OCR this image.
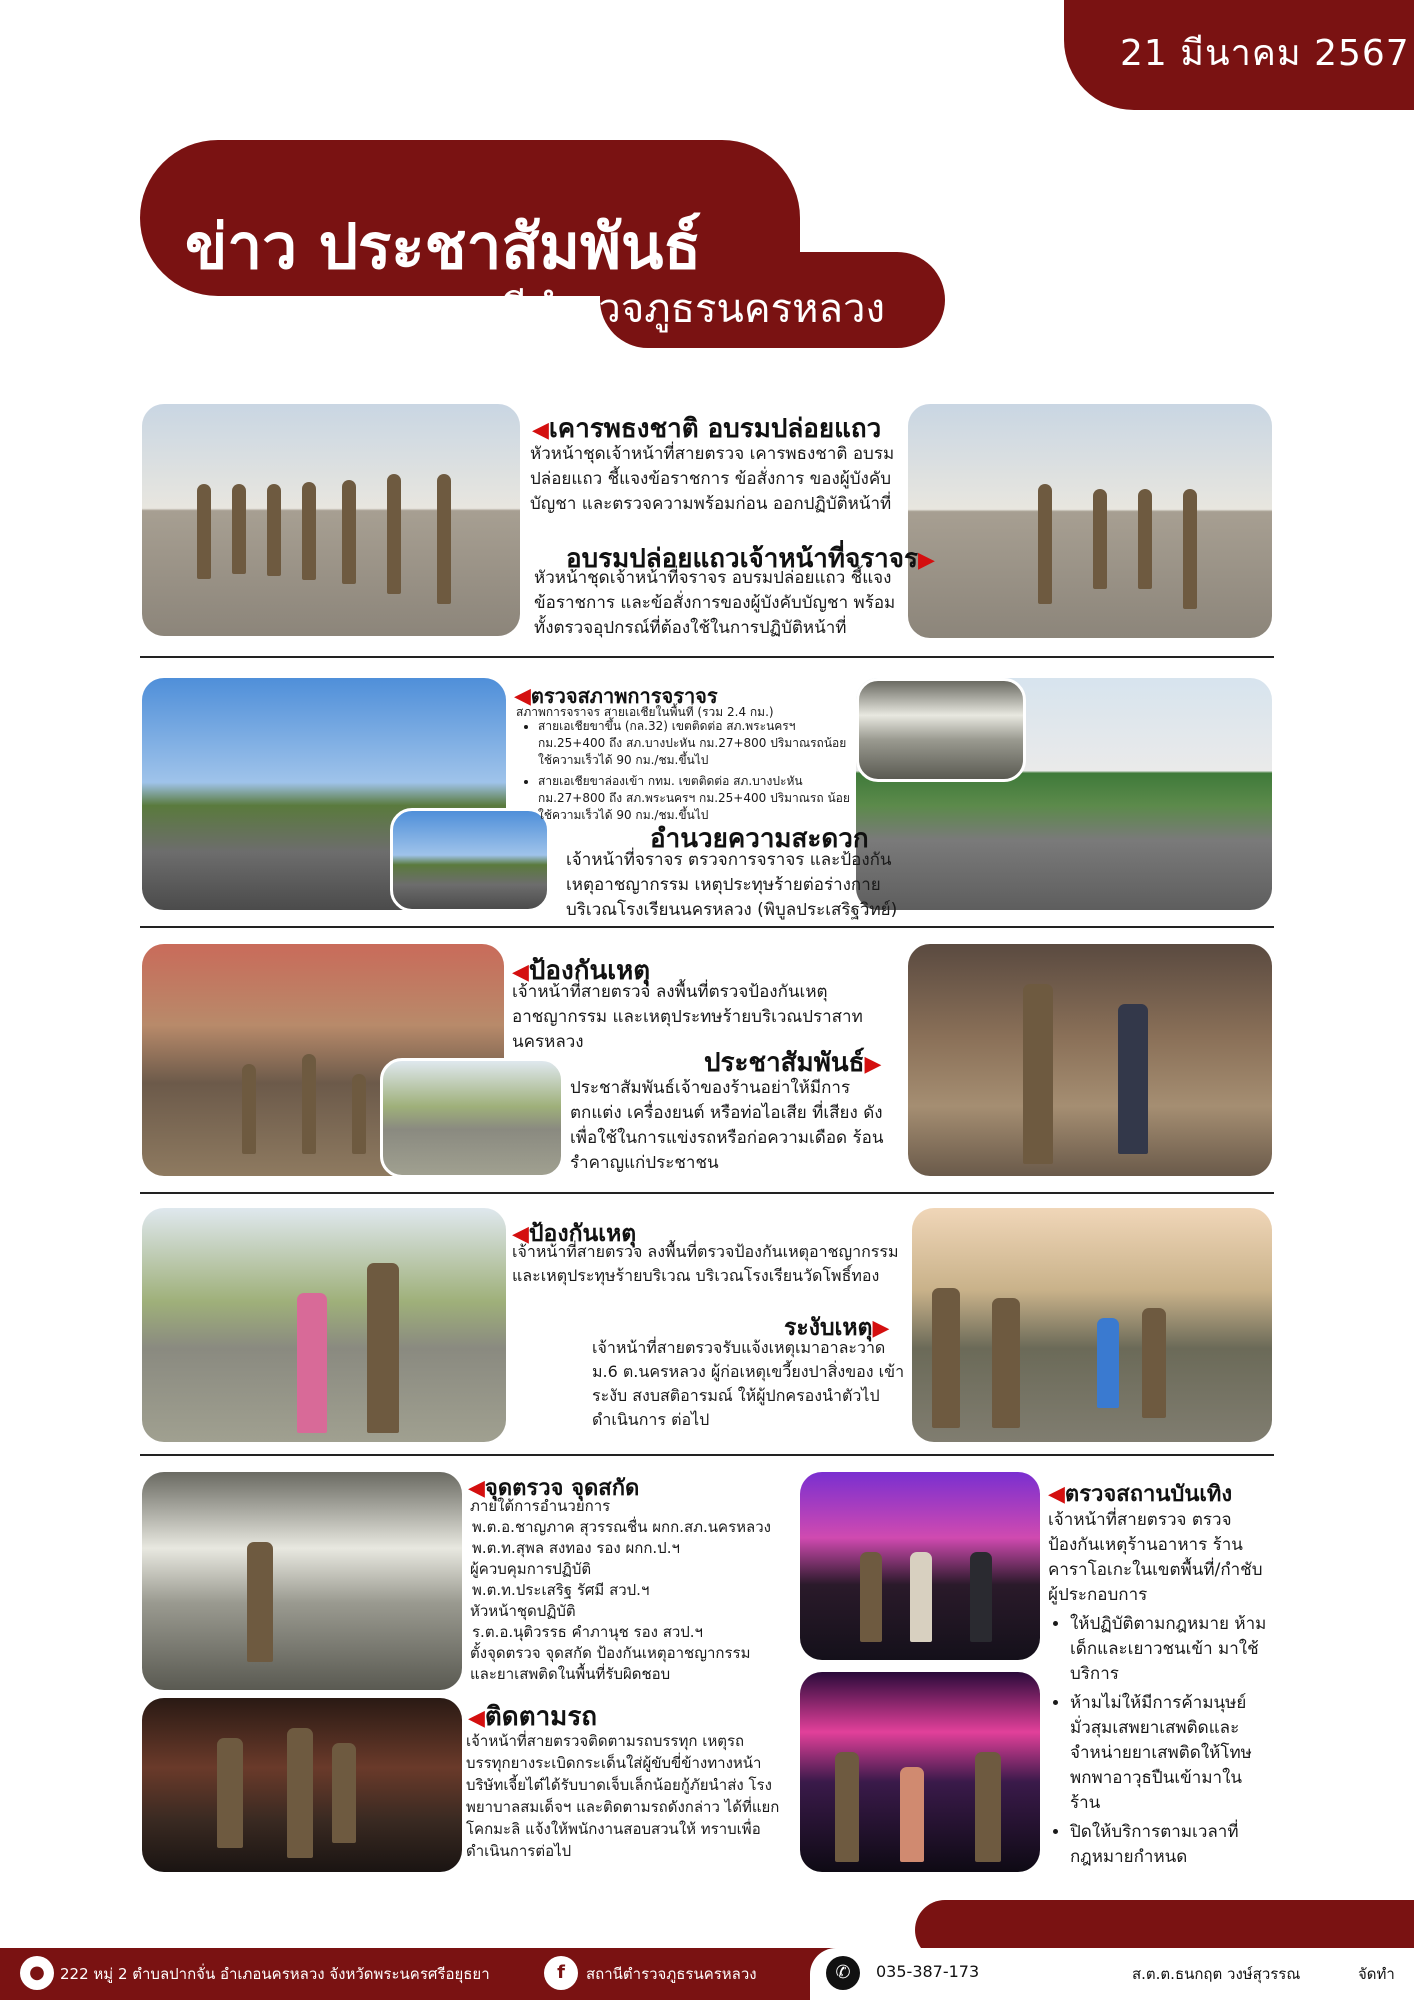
21 มีนาคม 2567
ข่าว ประชาสัมพันธ์
สถานีตำรวจภูธรนครหลวง
◀เคารพธงชาติ อบรมปล่อยแถว
หัวหน้าชุดเจ้าหน้าที่สายตรวจ เคารพธงชาติ อบรมปล่อยแถว ชี้แจงข้อราชการ ข้อสั่งการ ของผู้บังคับบัญชา และตรวจความพร้อมก่อน ออกปฏิบัติหน้าที่
อบรมปล่อยแถวเจ้าหน้าที่จราจร▶
หัวหน้าชุดเจ้าหน้าที่จราจร อบรมปล่อยแถว ชี้แจงข้อราชการ และข้อสั่งการของผู้บังคับบัญชา พร้อมทั้งตรวจอุปกรณ์ที่ต้องใช้ในการปฏิบัติหน้าที่
◀ตรวจสภาพการจราจร
สภาพการจราจร สายเอเชียในพื้นที่ (รวม 2.4 กม.)
• สายเอเชียขาขึ้น (กล.32) เขตติดต่อ สภ.พระนครฯ กม.25+400 ถึง สภ.บางปะหัน กม.27+800 ปริมาณรถน้อยใช้ความเร็วได้ 90 กม./ชม.ขึ้นไป
• สายเอเชียขาล่องเข้า กทม. เขตติดต่อ สภ.บางปะหัน กม.27+800 ถึง สภ.พระนครฯ กม.25+400 ปริมาณรถ น้อยใช้ความเร็วได้ 90 กม./ชม.ขึ้นไป
อำนวยความสะดวก
เจ้าหน้าที่จราจร ตรวจการจราจร และป้องกัน เหตุอาชญากรรม เหตุประทุษร้ายต่อร่างกาย บริเวณโรงเรียนนครหลวง (พิบูลประเสริฐวิทย์)
◀ป้องกันเหตุ
เจ้าหน้าที่สายตรวจ ลงพื้นที่ตรวจป้องกันเหตุ อาชญากรรม และเหตุประทษร้ายบริเวณปราสาท นครหลวง
ประชาสัมพันธ์▶
ประชาสัมพันธ์เจ้าของร้านอย่าให้มีการ ตกแต่ง เครื่องยนต์ หรือท่อไอเสีย ที่เสียง ดังเพื่อใช้ในการแข่งรถหรือก่อความเดือด ร้อนรำคาญแก่ประชาชน
◀ป้องกันเหตุ
เจ้าหน้าที่สายตรวจ ลงพื้นที่ตรวจป้องกันเหตุอาชญากรรม และเหตุประทุษร้ายบริเวณ บริเวณโรงเรียนวัดโพธิ์ทอง
ระงับเหตุ▶
เจ้าหน้าที่สายตรวจรับแจ้งเหตุเมาอาละวาด ม.6 ต.นครหลวง ผู้ก่อเหตุเขวี้ยงปาสิ่งของ เข้าระงับ สงบสติอารมณ์ ให้ผู้ปกครองนำตัวไปดำเนินการ ต่อไป
◀จุดตรวจ จุดสกัด
ภายใต้การอำนวยการ
พ.ต.อ.ชาญภาค สุวรรณชื่น ผกก.สภ.นครหลวง
พ.ต.ท.สุพล สงทอง รอง ผกก.ป.ฯ
ผู้ควบคุมการปฏิบัติ
พ.ต.ท.ประเสริฐ รัศมี สวป.ฯ
หัวหน้าชุดปฏิบัติ
ร.ต.อ.นุติวรรธ คำภานุช รอง สวป.ฯ
ตั้งจุดตรวจ จุดสกัด ป้องกันเหตุอาชญากรรม
และยาเสพติดในพื้นที่รับผิดชอบ
◀ติดตามรถ
เจ้าหน้าที่สายตรวจติดตามรถบรรทุก เหตุรถ บรรทุกยางระเบิดกระเด็นใส่ผู้ขับขี่ข้างทางหน้า บริษัทเจี้ยไต๋ได้รับบาดเจ็บเล็กน้อยกู้ภัยนำส่ง โรงพยาบาลสมเด็จฯ และติดตามรถดังกล่าว ได้ที่แยกโคกมะลิ แจ้งให้พนักงานสอบสวนให้ ทราบเพื่อดำเนินการต่อไป
◀ตรวจสถานบันเทิง
เจ้าหน้าที่สายตรวจ ตรวจ ป้องกันเหตุร้านอาหาร ร้าน คาราโอเกะในเขตพื้นที่/กำชับ ผู้ประกอบการ
• ให้ปฏิบัติตามกฎหมาย ห้ามเด็กและเยาวชนเข้า มาใช้บริการ
• ห้ามไม่ให้มีการค้ามนุษย์ มั่วสุมเสพยาเสพติดและ จำหน่ายยาเสพติดให้โทษ พกพาอาวุธปืนเข้ามาใน ร้าน
• ปิดให้บริการตามเวลาที่ กฎหมายกำหนด
●	222 หมู่ 2 ตำบลปากจั่น อำเภอนครหลวง จังหวัดพระนครศรีอยุธยา	f	สถานีตำรวจภูธรนครหลวง	✆	035-387-173	ส.ต.ต.ธนกฤต วงษ์สุวรรณ	จัดทำ
